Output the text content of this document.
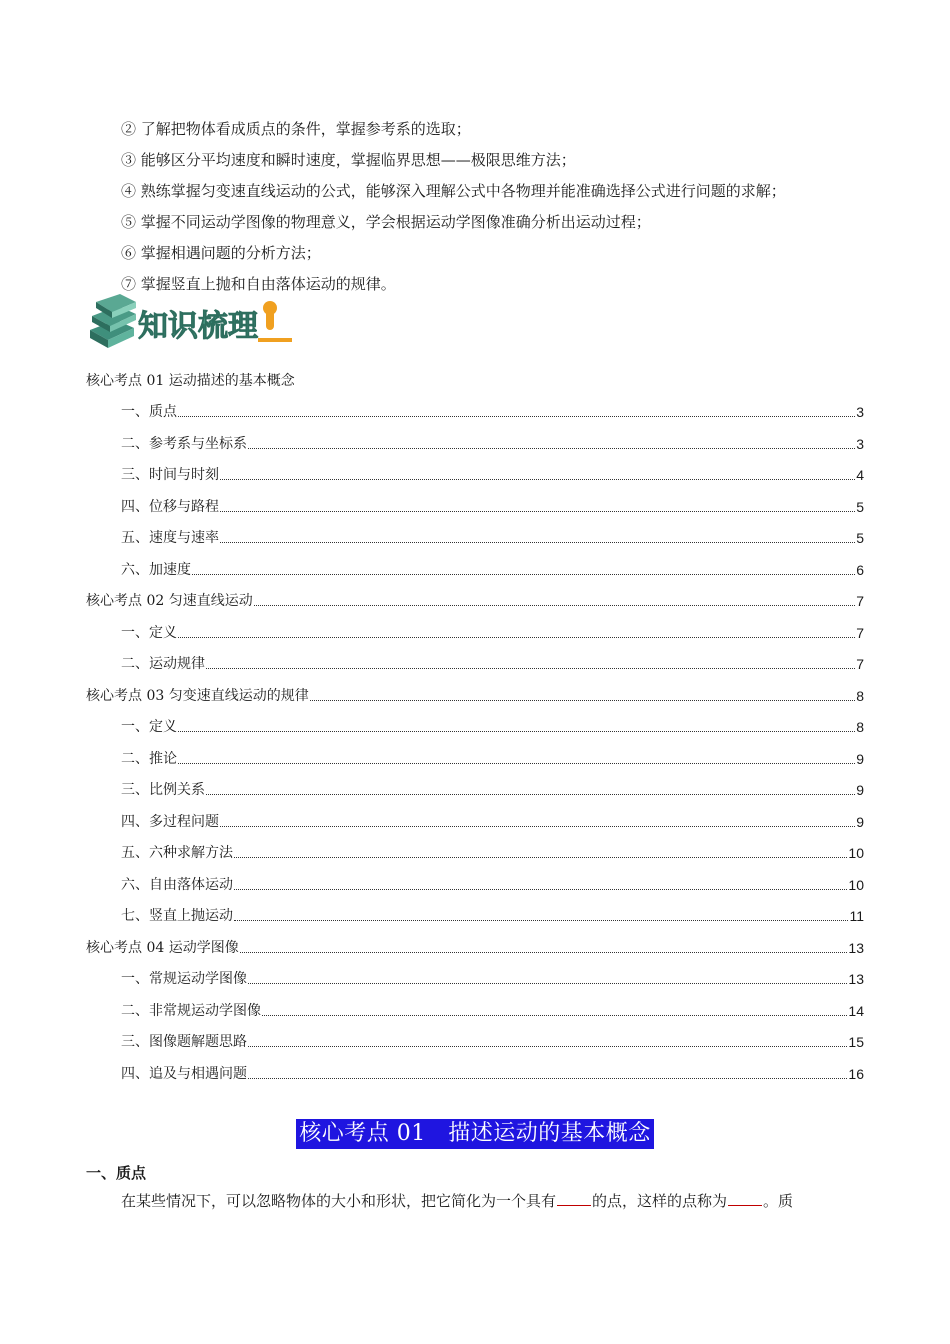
② 了解把物体看成质点的条件，掌握参考系的选取；
③ 能够区分平均速度和瞬时速度，掌握临界思想——极限思维方法；
④ 熟练掌握匀变速直线运动的公式，能够深入理解公式中各物理并能准确选择公式进行问题的求解；
⑤ 掌握不同运动学图像的物理意义，学会根据运动学图像准确分析出运动过程；
⑥ 掌握相遇问题的分析方法；
⑦ 掌握竖直上抛和自由落体运动的规律。
知识梳理
核心考点 01 运动描述的基本概念
一、质点	3
二、参考系与坐标系	3
三、时间与时刻	4
四、位移与路程	5
五、速度与速率	5
六、加速度	6
核心考点 02 匀速直线运动	7
一、定义	7
二、运动规律	7
核心考点 03 匀变速直线运动的规律	8
一、定义	8
二、推论	9
三、比例关系	9
四、多过程问题	9
五、六种求解方法	10
六、自由落体运动	10
七、竖直上抛运动	11
核心考点 04 运动学图像	13
一、常规运动学图像	13
二、非常规运动学图像	14
三、图像题解题思路	15
四、追及与相遇问题	16
核心考点 01　描述运动的基本概念
一、质点
在某些情况下，可以忽略物体的大小和形状，把它简化为一个具有 的点，这样的点称为 。质
